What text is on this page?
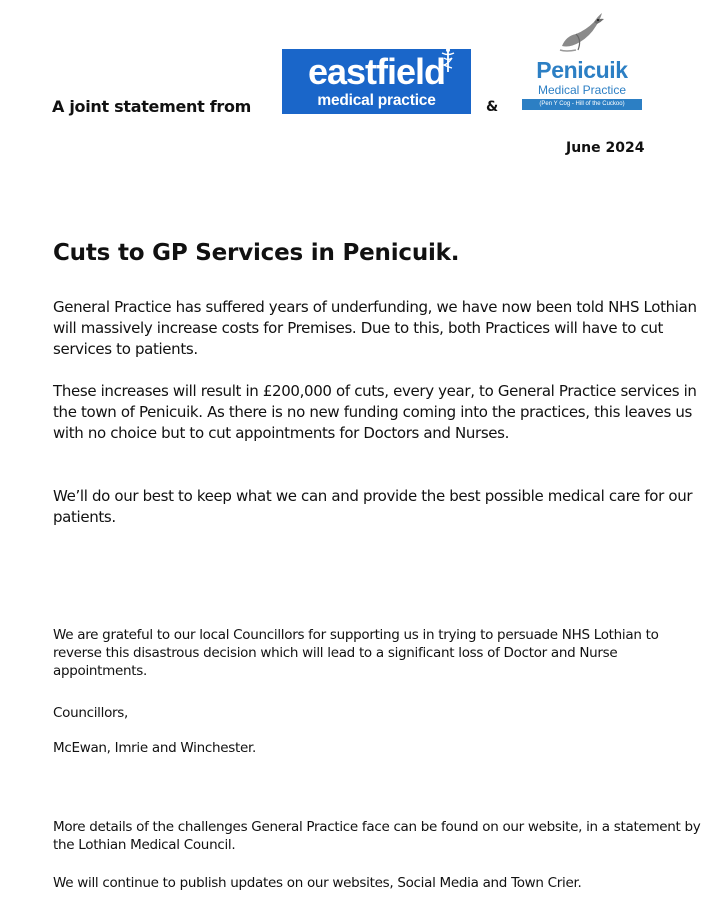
A joint statement from
eastfield
medical practice	&
Penicuik
Medical Practice
(Pen Y Cog - Hill of the Cuckoo)
June 2024
Cuts to GP Services in Penicuik.
General Practice has suffered years of underfunding, we have now been told NHS Lothian will massively increase costs for Premises. Due to this, both Practices will have to cut services to patients.
These increases will result in £200,000 of cuts, every year, to General Practice services in the town of Penicuik. As there is no new funding coming into the practices, this leaves us with no choice but to cut appointments for Doctors and Nurses.
We’ll do our best to keep what we can and provide the best possible medical care for our patients.
We are grateful to our local Councillors for supporting us in trying to persuade NHS Lothian to reverse this disastrous decision which will lead to a significant loss of Doctor and Nurse appointments.
Councillors,
McEwan, Imrie and Winchester.
More details of the challenges General Practice face can be found on our website, in a statement by the Lothian Medical Council.
We will continue to publish updates on our websites, Social Media and Town Crier.
